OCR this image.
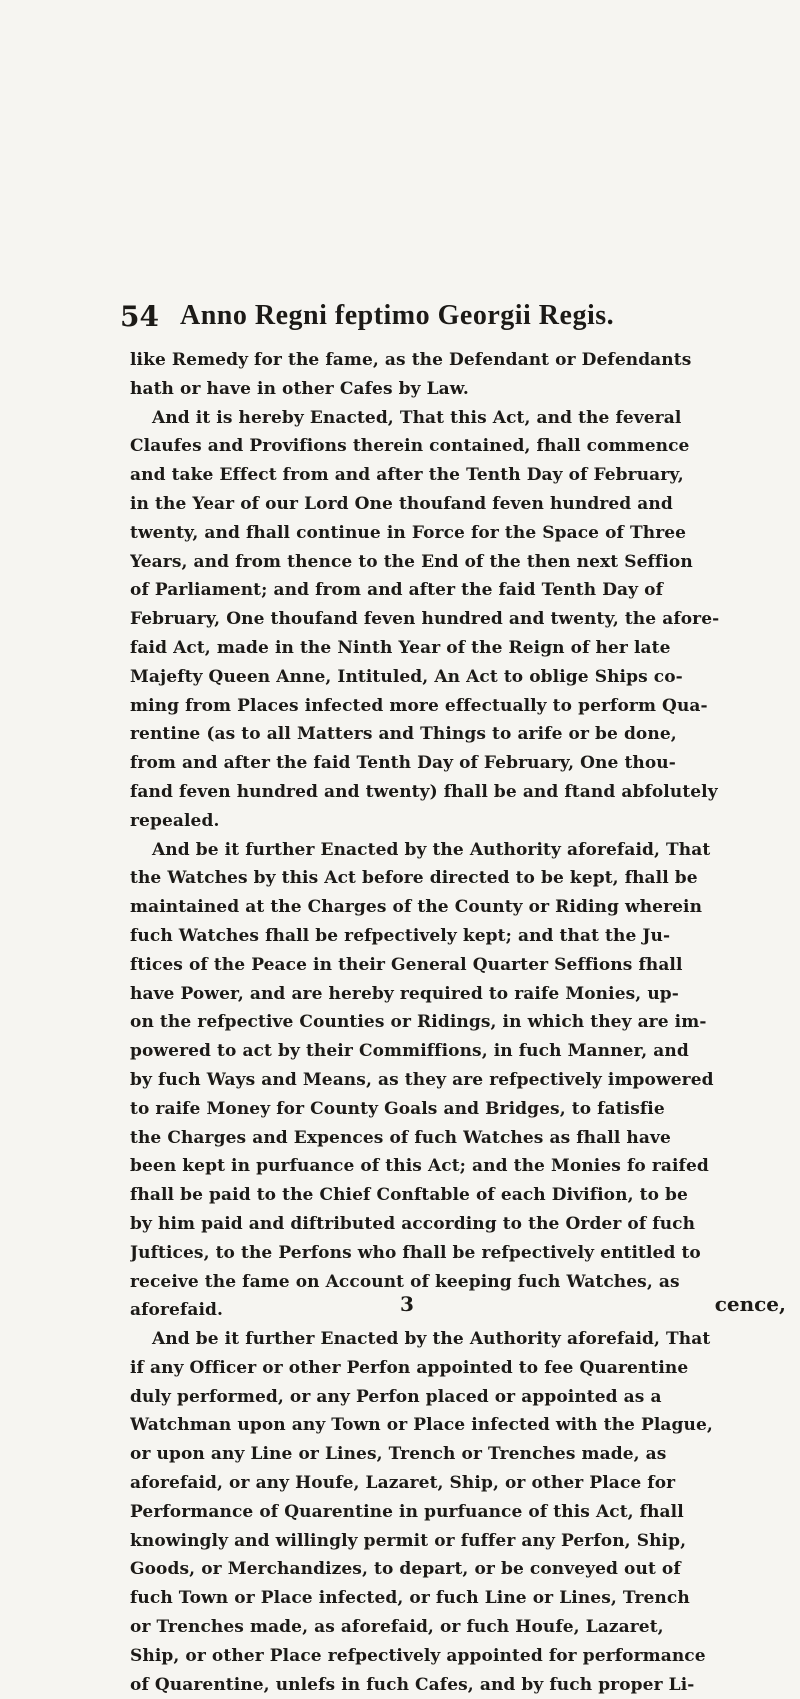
54 Anno Regni feptimo Georgii Regis.
like Remedy for the fame, as the Defendant or Defendants
hath or have in other Cafes by Law.
And it is hereby Enacted, That this Act, and the feveral
Claufes and Provifions therein contained, fhall commence
and take Effect from and after the Tenth Day of February,
in the Year of our Lord One thoufand feven hundred and
twenty, and fhall continue in Force for the Space of Three
Years, and from thence to the End of the then next Seffion
of Parliament; and from and after the faid Tenth Day of
February, One thoufand feven hundred and twenty, the afore-
faid Act, made in the Ninth Year of the Reign of her late
Majefty Queen Anne, Intituled, An Act to oblige Ships co-
ming from Places infected more effectually to perform Qua-
rentine (as to all Matters and Things to arife or be done,
from and after the faid Tenth Day of February, One thou-
fand feven hundred and twenty) fhall be and ftand abfolutely
repealed.
And be it further Enacted by the Authority aforefaid, That
the Watches by this Act before directed to be kept, fhall be
maintained at the Charges of the County or Riding wherein
fuch Watches fhall be refpectively kept; and that the Ju-
ftices of the Peace in their General Quarter Seffions fhall
have Power, and are hereby required to raife Monies, up-
on the refpective Counties or Ridings, in which they are im-
powered to act by their Commiffions, in fuch Manner, and
by fuch Ways and Means, as they are refpectively impowered
to raife Money for County Goals and Bridges, to fatisfie
the Charges and Expences of fuch Watches as fhall have
been kept in purfuance of this Act; and the Monies fo raifed
fhall be paid to the Chief Conftable of each Divifion, to be
by him paid and diftributed according to the Order of fuch
Juftices, to the Perfons who fhall be refpectively entitled to
receive the fame on Account of keeping fuch Watches, as
aforefaid.
And be it further Enacted by the Authority aforefaid, That
if any Officer or other Perfon appointed to fee Quarentine
duly performed, or any Perfon placed or appointed as a
Watchman upon any Town or Place infected with the Plague,
or upon any Line or Lines, Trench or Trenches made, as
aforefaid, or any Houfe, Lazaret, Ship, or other Place for
Performance of Quarentine in purfuance of this Act, fhall
knowingly and willingly permit or fuffer any Perfon, Ship,
Goods, or Merchandizes, to depart, or be conveyed out of
fuch Town or Place infected, or fuch Line or Lines, Trench
or Trenches made, as aforefaid, or fuch Houfe, Lazaret,
Ship, or other Place refpectively appointed for performance
of Quarentine, unlefs in fuch Cafes, and by fuch proper Li-
3	cence,
